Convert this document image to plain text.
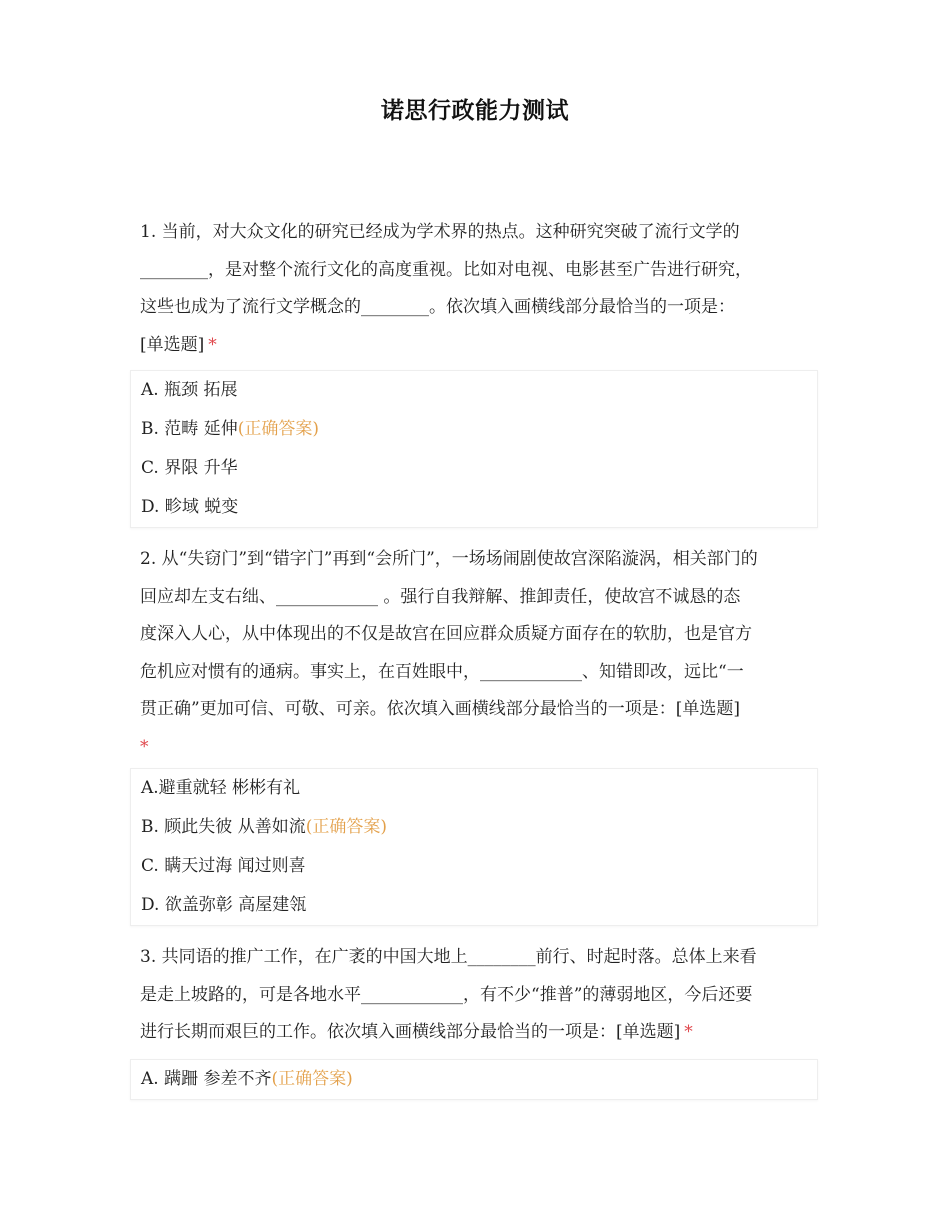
诺思行政能力测试

1. 当前，对大众文化的研究已经成为学术界的热点。这种研究突破了流行文学的

________，是对整个流行文化的高度重视。比如对电视、电影甚至广告进行研究，

这些也成为了流行文学概念的________。依次填入画横线部分最恰当的一项是：

[单选题] *

A. 瓶颈 拓展
B. 范畴 延伸(正确答案)
C. 界限 升华
D. 畛域 蜕变

2. 从“失窃门”到“错字门”再到“会所门”，一场场闹剧使故宫深陷漩涡，相关部门的

回应却左支右绌、____________ 。强行自我辩解、推卸责任，使故宫不诚恳的态

度深入人心，从中体现出的不仅是故宫在回应群众质疑方面存在的软肋，也是官方

危机应对惯有的通病。事实上，在百姓眼中，____________、知错即改，远比“一

贯正确”更加可信、可敬、可亲。依次填入画横线部分最恰当的一项是：[单选题]

*

A.避重就轻 彬彬有礼
B. 顾此失彼 从善如流(正确答案)
C. 瞒天过海 闻过则喜
D. 欲盖弥彰 高屋建瓴

3. 共同语的推广工作，在广袤的中国大地上________前行、时起时落。总体上来看

是走上坡路的，可是各地水平____________，有不少“推普”的薄弱地区，今后还要

进行长期而艰巨的工作。依次填入画横线部分最恰当的一项是：[单选题] *

A. 蹒跚 参差不齐(正确答案)
